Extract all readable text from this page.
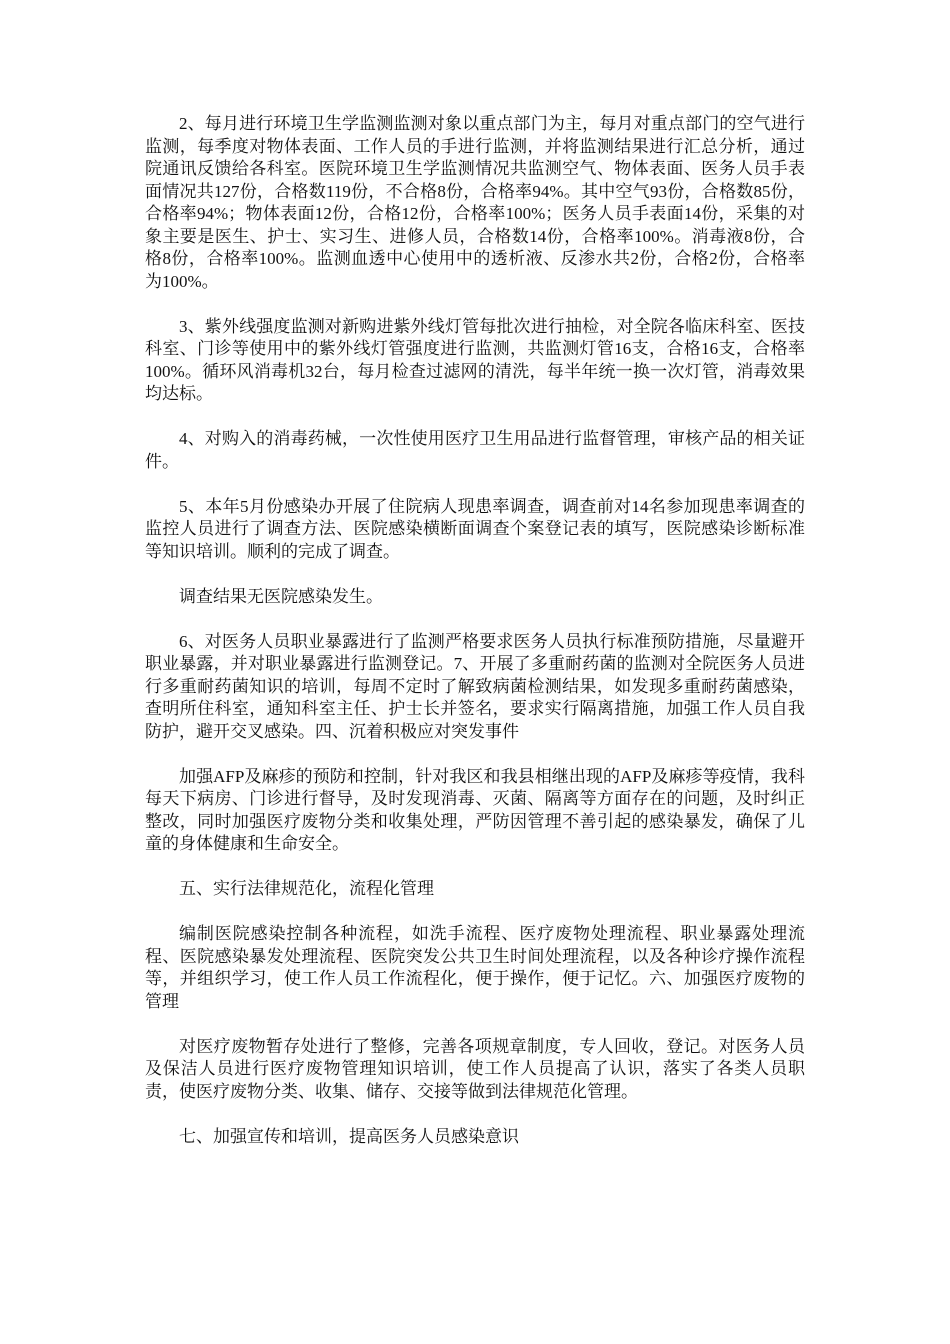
2、每月进行环境卫生学监测监测对象以重点部门为主，每月对重点部门的空气进行监测，每季度对物体表面、工作人员的手进行监测，并将监测结果进行汇总分析，通过院通讯反馈给各科室。医院环境卫生学监测情况共监测空气、物体表面、医务人员手表面情况共127份，合格数119份，不合格8份，合格率94%。其中空气93份，合格数85份，合格率94%；物体表面12份，合格12份，合格率100%；医务人员手表面14份，采集的对象主要是医生、护士、实习生、进修人员，合格数14份，合格率100%。消毒液8份，合格8份，合格率100%。监测血透中心使用中的透析液、反渗水共2份，合格2份，合格率为100%。

3、紫外线强度监测对新购进紫外线灯管每批次进行抽检，对全院各临床科室、医技科室、门诊等使用中的紫外线灯管强度进行监测，共监测灯管16支，合格16支，合格率100%。循环风消毒机32台，每月检查过滤网的清洗，每半年统一换一次灯管，消毒效果均达标。

4、对购入的消毒药械，一次性使用医疗卫生用品进行监督管理，审核产品的相关证件。

5、本年5月份感染办开展了住院病人现患率调查，调查前对14名参加现患率调查的监控人员进行了调查方法、医院感染横断面调查个案登记表的填写，医院感染诊断标准等知识培训。顺利的完成了调查。

调查结果无医院感染发生。

6、对医务人员职业暴露进行了监测严格要求医务人员执行标准预防措施，尽量避开职业暴露，并对职业暴露进行监测登记。7、开展了多重耐药菌的监测对全院医务人员进行多重耐药菌知识的培训，每周不定时了解致病菌检测结果，如发现多重耐药菌感染，查明所住科室，通知科室主任、护士长并签名，要求实行隔离措施，加强工作人员自我防护，避开交叉感染。四、沉着积极应对突发事件

加强AFP及麻疹的预防和控制，针对我区和我县相继出现的AFP及麻疹等疫情，我科每天下病房、门诊进行督导，及时发现消毒、灭菌、隔离等方面存在的问题，及时纠正整改，同时加强医疗废物分类和收集处理，严防因管理不善引起的感染暴发，确保了儿童的身体健康和生命安全。

五、实行法律规范化，流程化管理

编制医院感染控制各种流程，如洗手流程、医疗废物处理流程、职业暴露处理流程、医院感染暴发处理流程、医院突发公共卫生时间处理流程，以及各种诊疗操作流程等，并组织学习，使工作人员工作流程化，便于操作，便于记忆。六、加强医疗废物的管理

对医疗废物暂存处进行了整修，完善各项规章制度，专人回收，登记。对医务人员及保洁人员进行医疗废物管理知识培训，使工作人员提高了认识，落实了各类人员职责，使医疗废物分类、收集、储存、交接等做到法律规范化管理。

七、加强宣传和培训，提高医务人员感染意识
